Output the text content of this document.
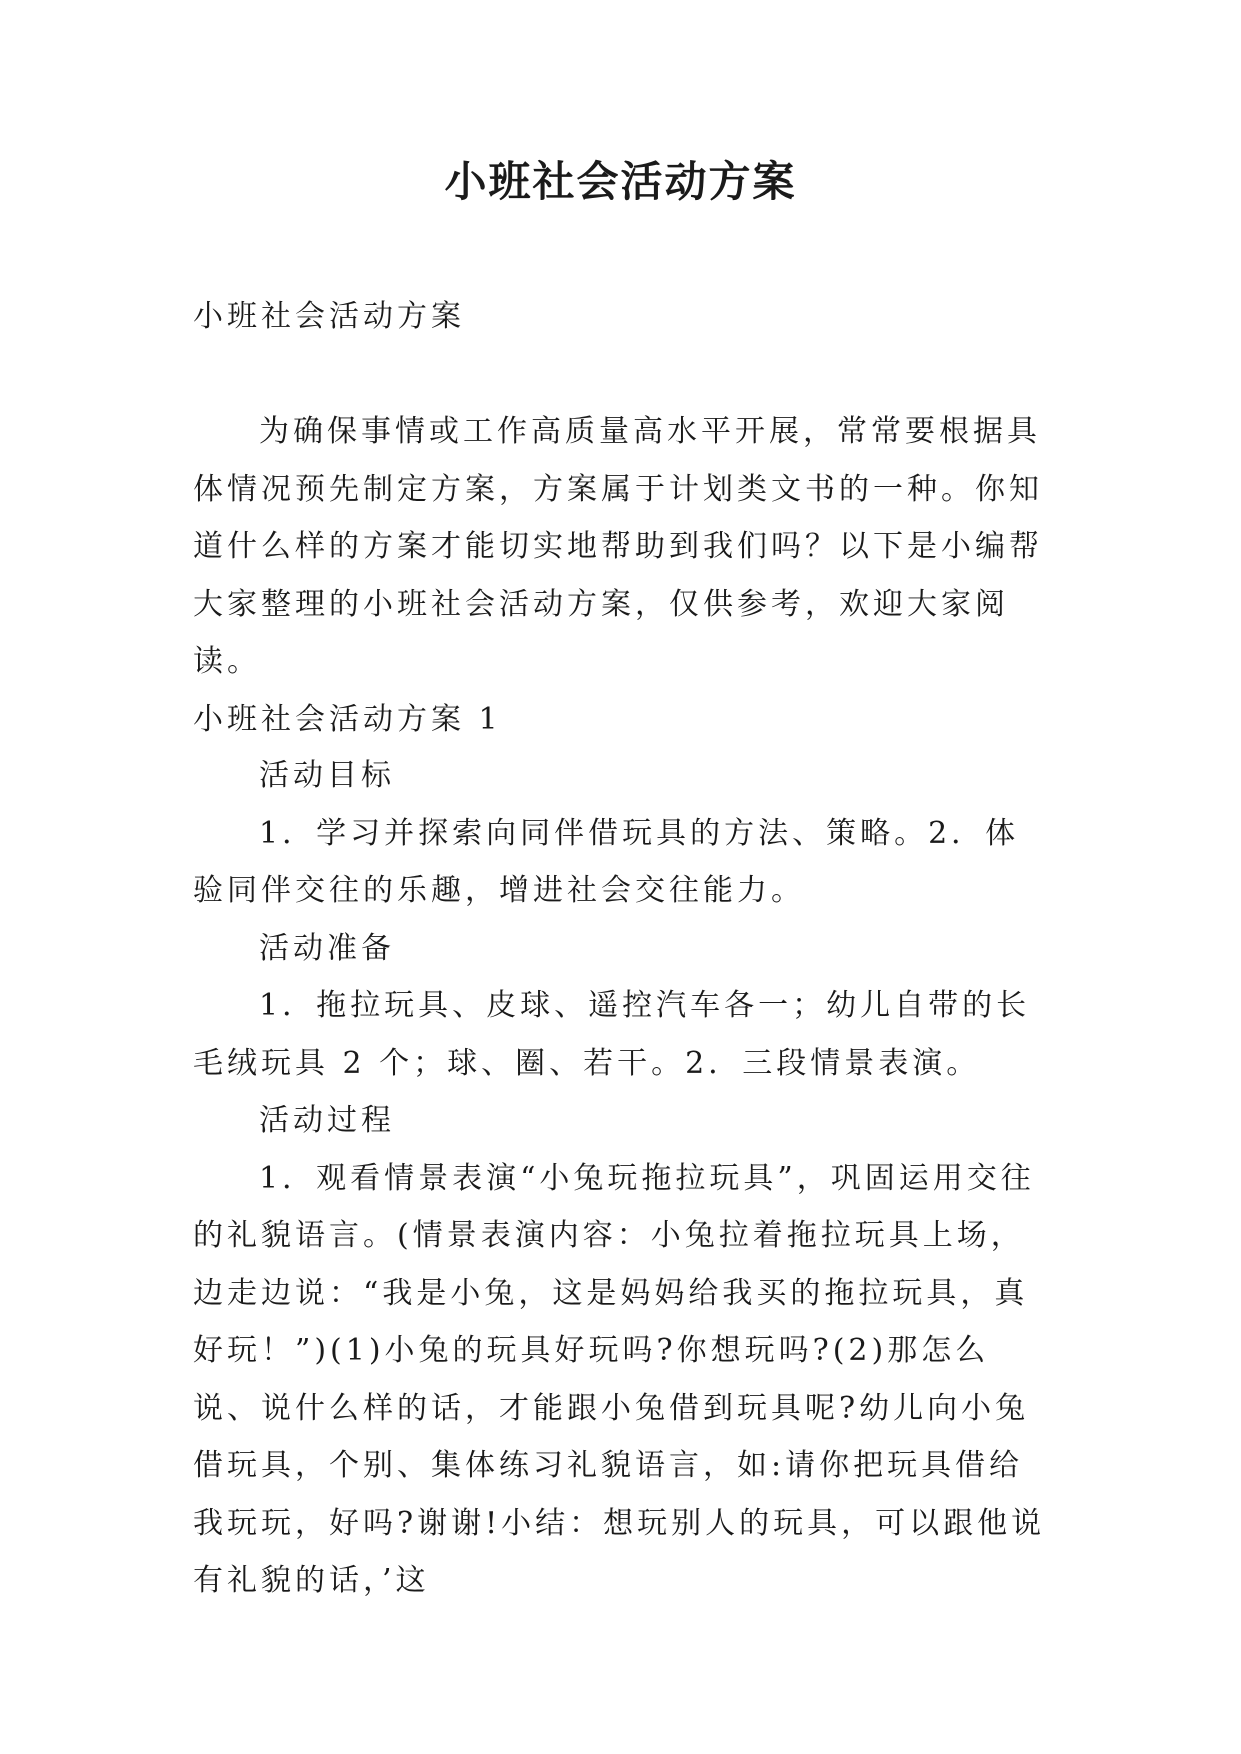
小班社会活动方案
小班社会活动方案
为确保事情或工作高质量高水平开展，常常要根据具体情况预先制定方案，方案属于计划类文书的一种。你知道什么样的方案才能切实地帮助到我们吗？以下是小编帮大家整理的小班社会活动方案，仅供参考，欢迎大家阅读。
小班社会活动方案 1

活动目标

1．学习并探索向同伴借玩具的方法、策略。2．体验同伴交往的乐趣，增进社会交往能力。

活动准备

1．拖拉玩具、皮球、遥控汽车各一；幼儿自带的长毛绒玩具 2 个；球、圈、若干。2．三段情景表演。

活动过程

1．观看情景表演“小兔玩拖拉玩具”，巩固运用交往的礼貌语言。(情景表演内容：小兔拉着拖拉玩具上场，边走边说：“我是小兔，这是妈妈给我买的拖拉玩具，真好玩！”)(1)小兔的玩具好玩吗?你想玩吗?(2)那怎么说、说什么样的话，才能跟小兔借到玩具呢?幼儿向小兔借玩具，个别、集体练习礼貌语言，如:请你把玩具借给我玩玩，好吗?谢谢!小结：想玩别人的玩具，可以跟他说有礼貌的话，’这
